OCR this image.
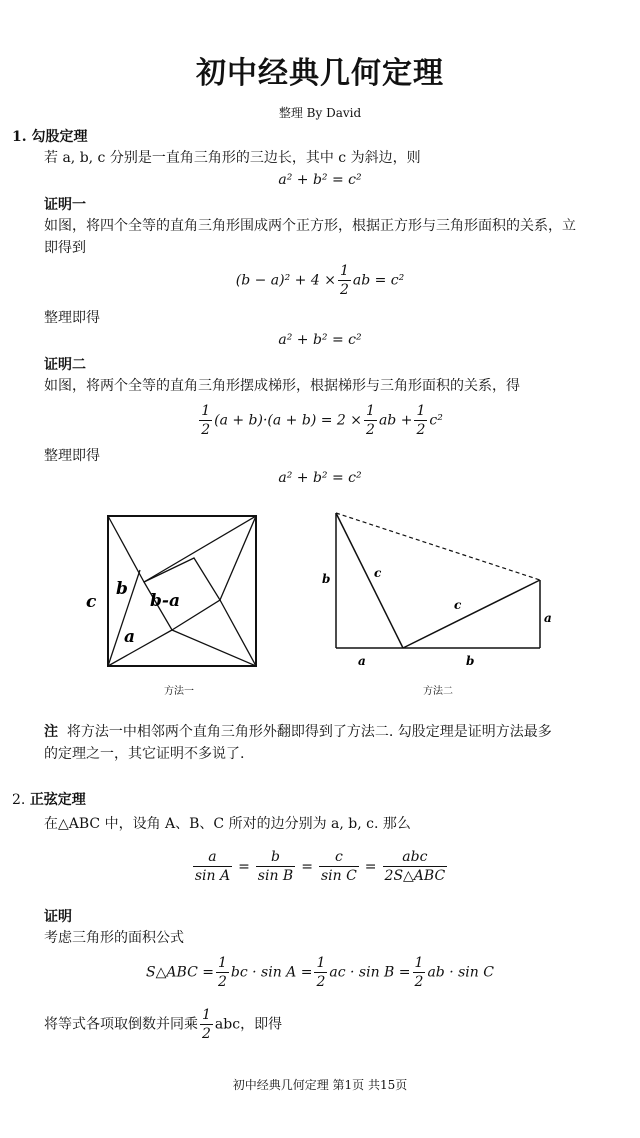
初中经典几何定理
整理 By David
1. 勾股定理
若 a, b, c 分别是一直角三角形的三边长，其中 c 为斜边，则
a² + b² = c²
证明一
如图，将四个全等的直角三角形围成两个正方形，根据正方形与三角形面积的关系，立
即得到
$(b - a)^2 + 4 \times \frac{1}{2}$ ab = c²
整理即得
a² + b² = c²
证明二
如图，将两个全等的直角三角形摆成梯形，根据梯形与三角形面积的关系，得
$\frac{1}{2} (a + b)\cdot(a + b) = 2 \times \frac{1}{2}$ ab + $\frac{1}{2} c^2$
整理即得
a² + b² = c²
c
b
b-a
a
方法一
b	c
c
a
a	b
方法二
注 将方法一中相邻两个直角三角形外翻即得到了方法二. 勾股定理是证明方法最多
的定理之一，其它证明不多说了.
2. 正弦定理
在△ABC 中，设角 A、B、C 所对的边分别为 a, b, c. 那么
$\frac{a}{\text{sin A}} = \frac{b}{\text{sin B}} = \frac{c}{\text{sin C}} = \frac{\text{abc}}{\text{2S△ABC}}$
证明
考虑三角形的面积公式
S△ABC = $\frac{1}{2}$ bc · $\sin A = \frac{1}{2}$ ac · $\sin B = \frac{1}{2}$ ab · sin C
将等式各项取倒数并同乘 $\frac{1}{2}$ abc，即得
初中经典几何定理 第1页 共15页
